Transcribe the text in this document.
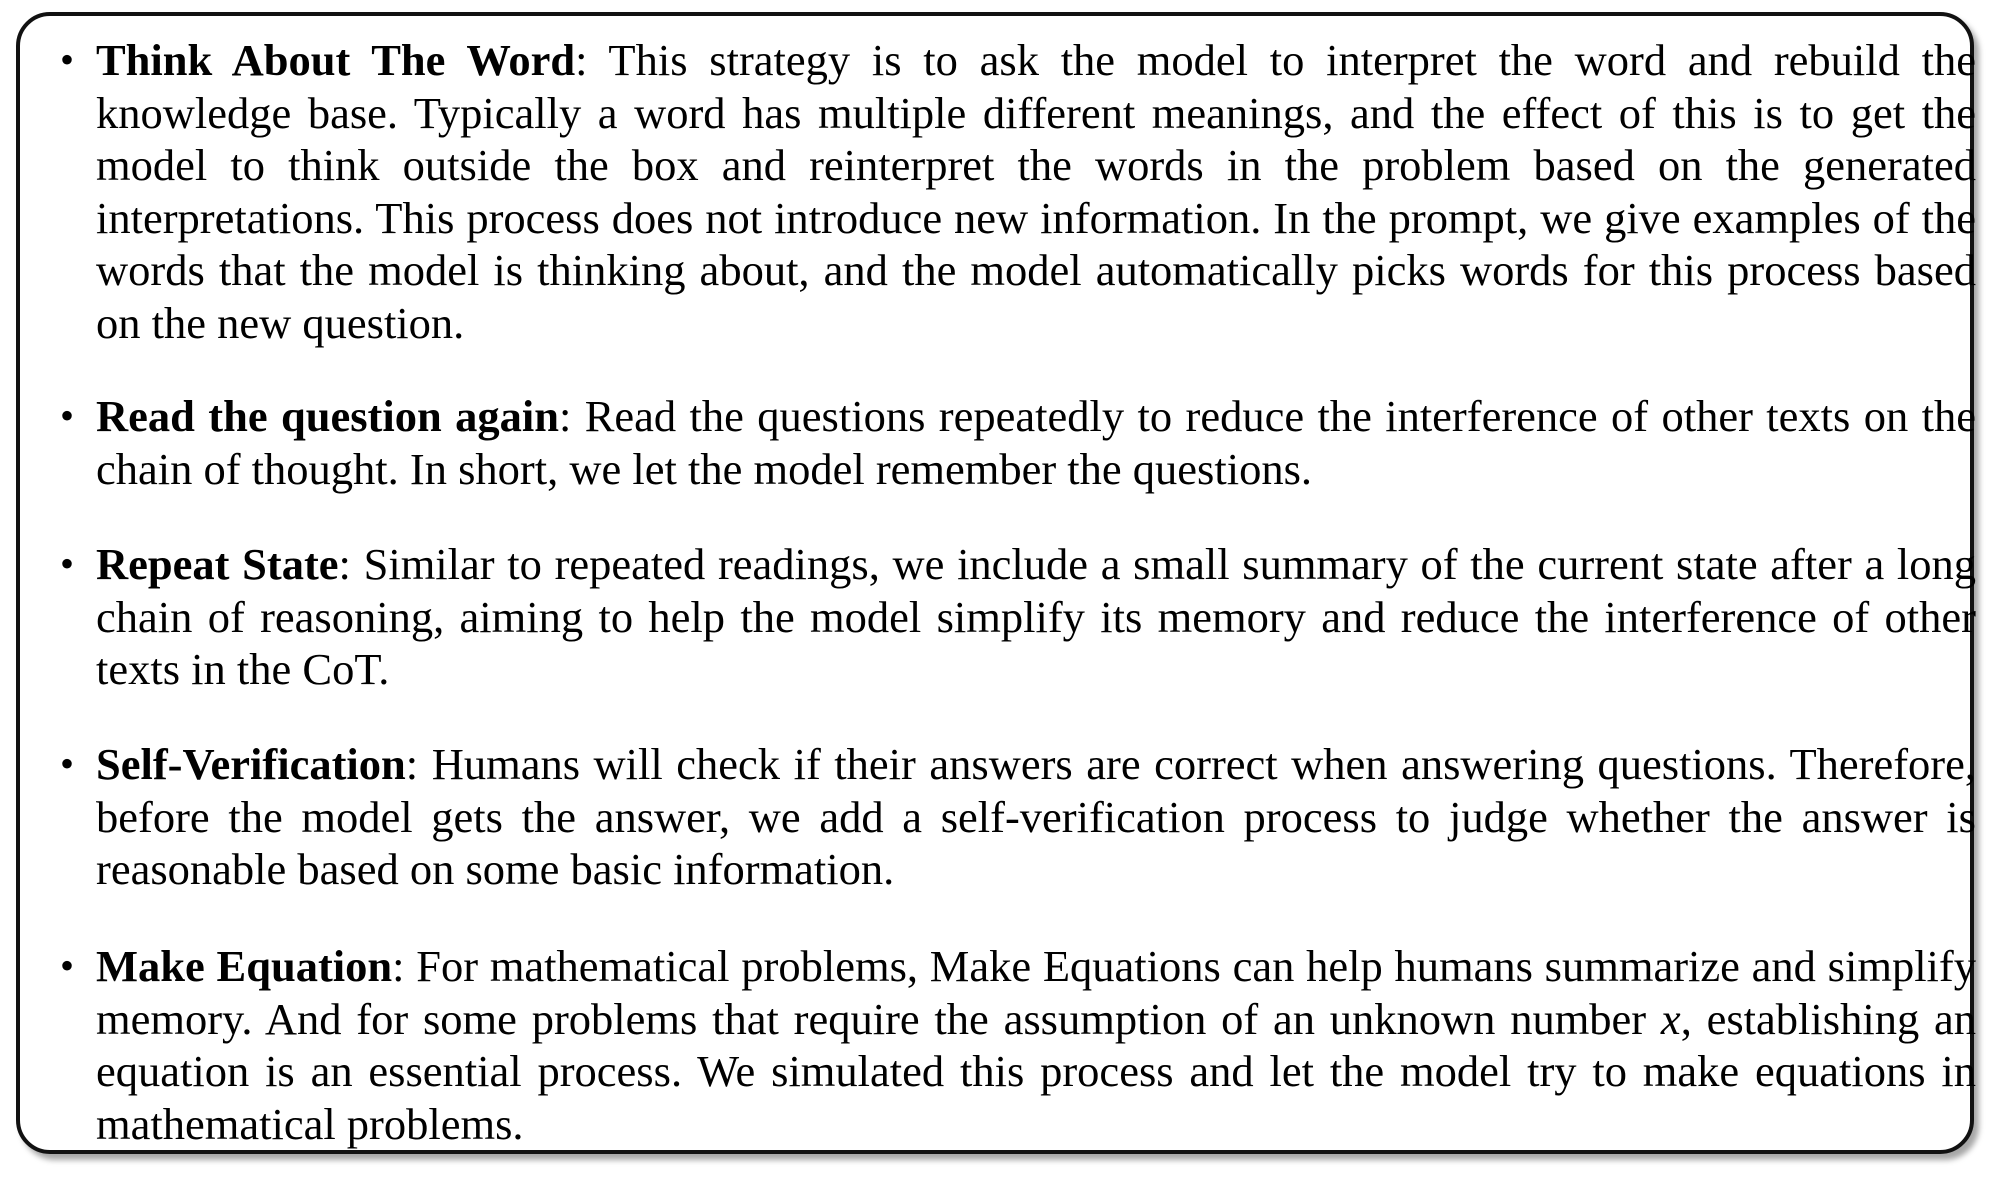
• Think About The Word: This strategy is to ask the model to interpret the word and rebuild the knowledge base. Typically a word has multiple different meanings, and the effect of this is to get the model to think outside the box and reinterpret the words in the problem based on the generated interpretations. This process does not introduce new information. In the prompt, we give examples of the words that the model is thinking about, and the model automatically picks words for this process based on the new question.
• Read the question again: Read the questions repeatedly to reduce the interference of other texts on the chain of thought. In short, we let the model remember the questions.
• Repeat State: Similar to repeated readings, we include a small summary of the current state after a long chain of reasoning, aiming to help the model simplify its memory and reduce the interference of other texts in the CoT.
• Self-Verification: Humans will check if their answers are correct when answering questions. Therefore, before the model gets the answer, we add a self-verification process to judge whether the answer is reasonable based on some basic information.
• Make Equation: For mathematical problems, Make Equations can help humans summarize and simplify memory. And for some problems that require the assumption of an unknown number x, establishing an equation is an essential process. We simulated this process and let the model try to make equations in mathematical problems.
